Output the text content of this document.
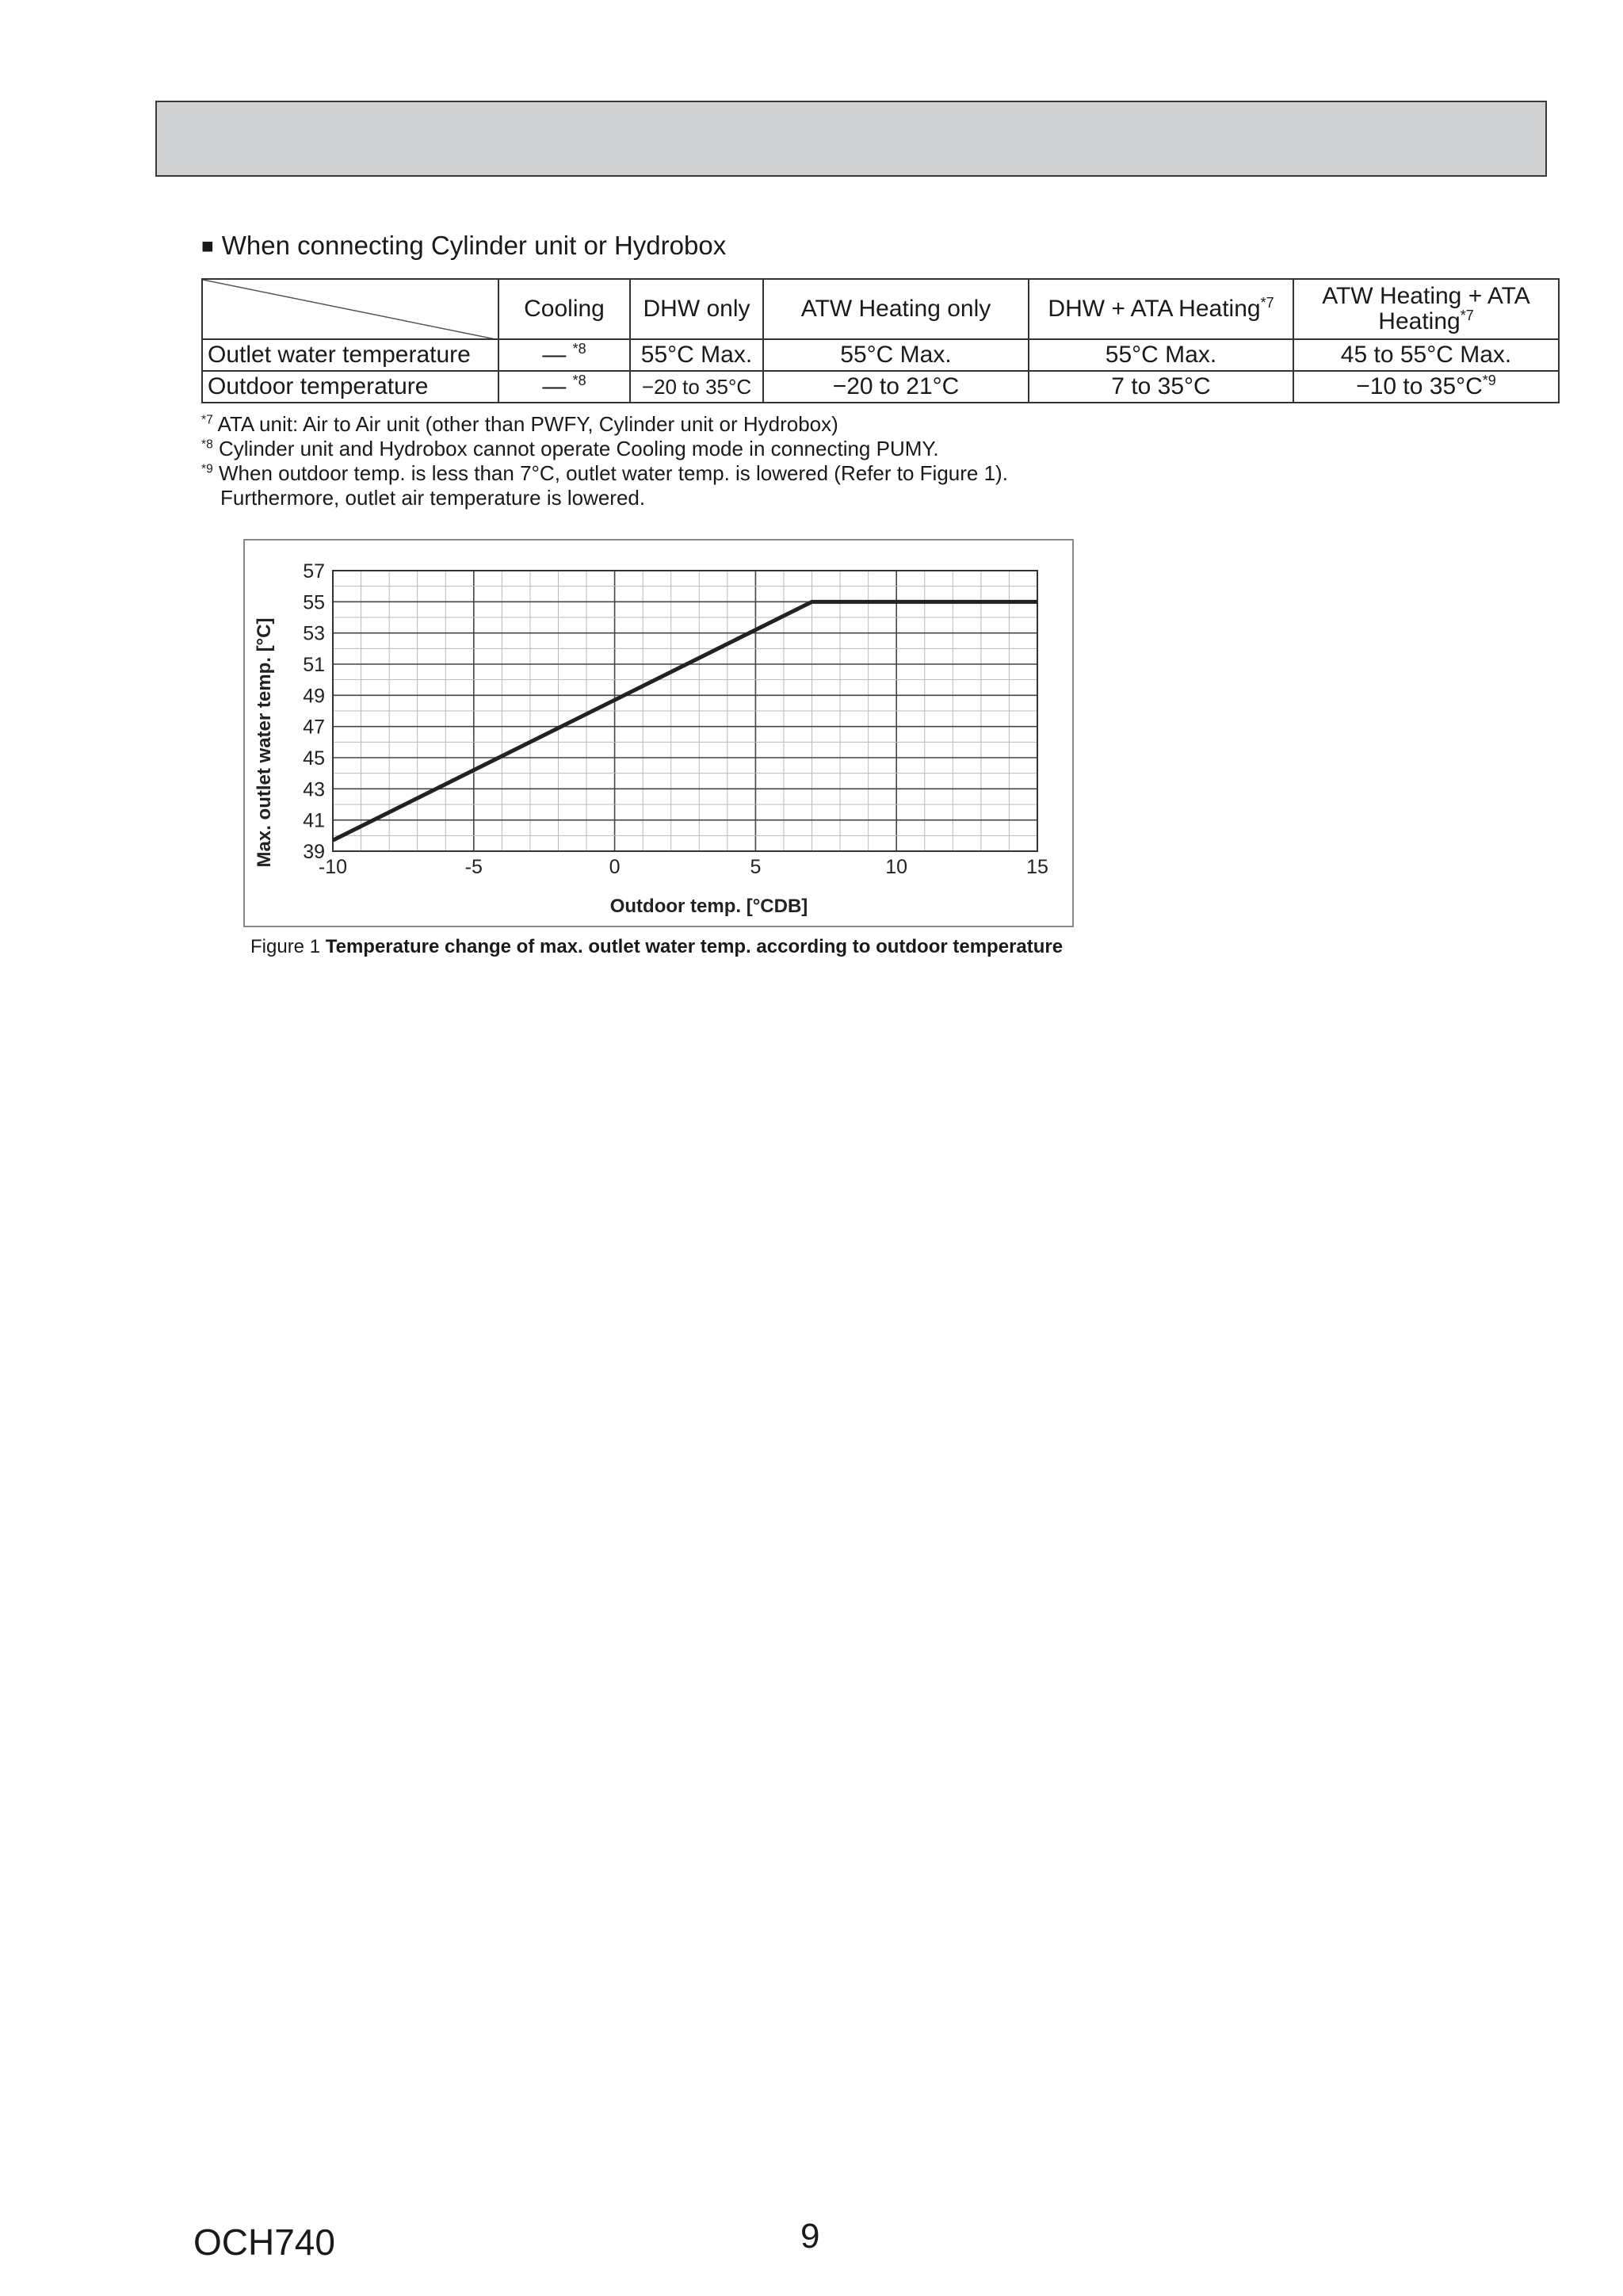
■ When connecting Cylinder unit or Hydrobox
	Cooling	DHW only	ATW Heating only	DHW + ATA Heating$^{*7}$	ATW Heating + ATA Heating$^{*7}$
Outlet water temperature	— $^{*8}$	55°C Max.	55°C Max.	55°C Max.	45 to 55°C Max.
Outdoor temperature	— $^{*8}$	−20 to 35°C	−20 to 21°C	7 to 35°C	−10 to $35^\circ C^{*9}$
$^{*7}$ ATA unit: Air to Air unit (other than PWFY, Cylinder unit or Hydrobox)
$^{*8}$ Cylinder unit and Hydrobox cannot operate Cooling mode in connecting PUMY.
$^{*9}$ When outdoor temp. is less than 7°C, outlet water temp. is lowered (Refer to Figure 1).
Furthermore, outlet air temperature is lowered.
57
55
53
51
49
47
45
43
41
39
-10	-5	0	5	10	15
Outdoor temp. [°CDB]
Max. outlet water temp. [°C]
Figure 1 Temperature change of max. outlet water temp. according to outdoor temperature
OCH740	9
